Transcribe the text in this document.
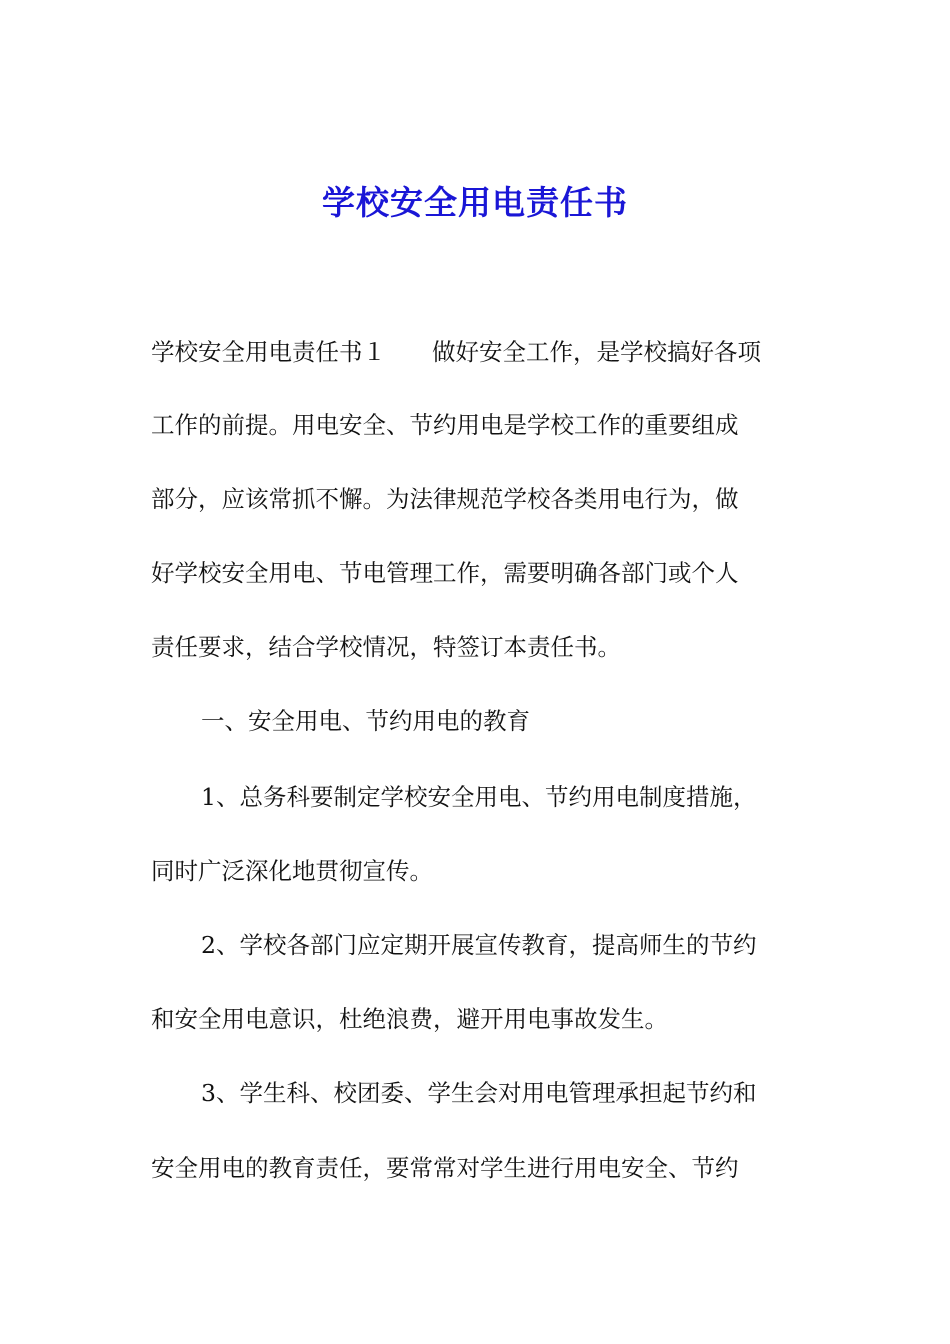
学校安全用电责任书
学校安全用电责任书１ 做好安全工作，是学校搞好各项
工作的前提。用电安全、节约用电是学校工作的重要组成
部分，应该常抓不懈。为法律规范学校各类用电行为，做
好学校安全用电、节电管理工作，需要明确各部门或个人
责任要求，结合学校情况，特签订本责任书。
一、安全用电、节约用电的教育
1、总务科要制定学校安全用电、节约用电制度措施，
同时广泛深化地贯彻宣传。
2、学校各部门应定期开展宣传教育，提高师生的节约
和安全用电意识，杜绝浪费，避开用电事故发生。
3、学生科、校团委、学生会对用电管理承担起节约和
安全用电的教育责任，要常常对学生进行用电安全、节约
